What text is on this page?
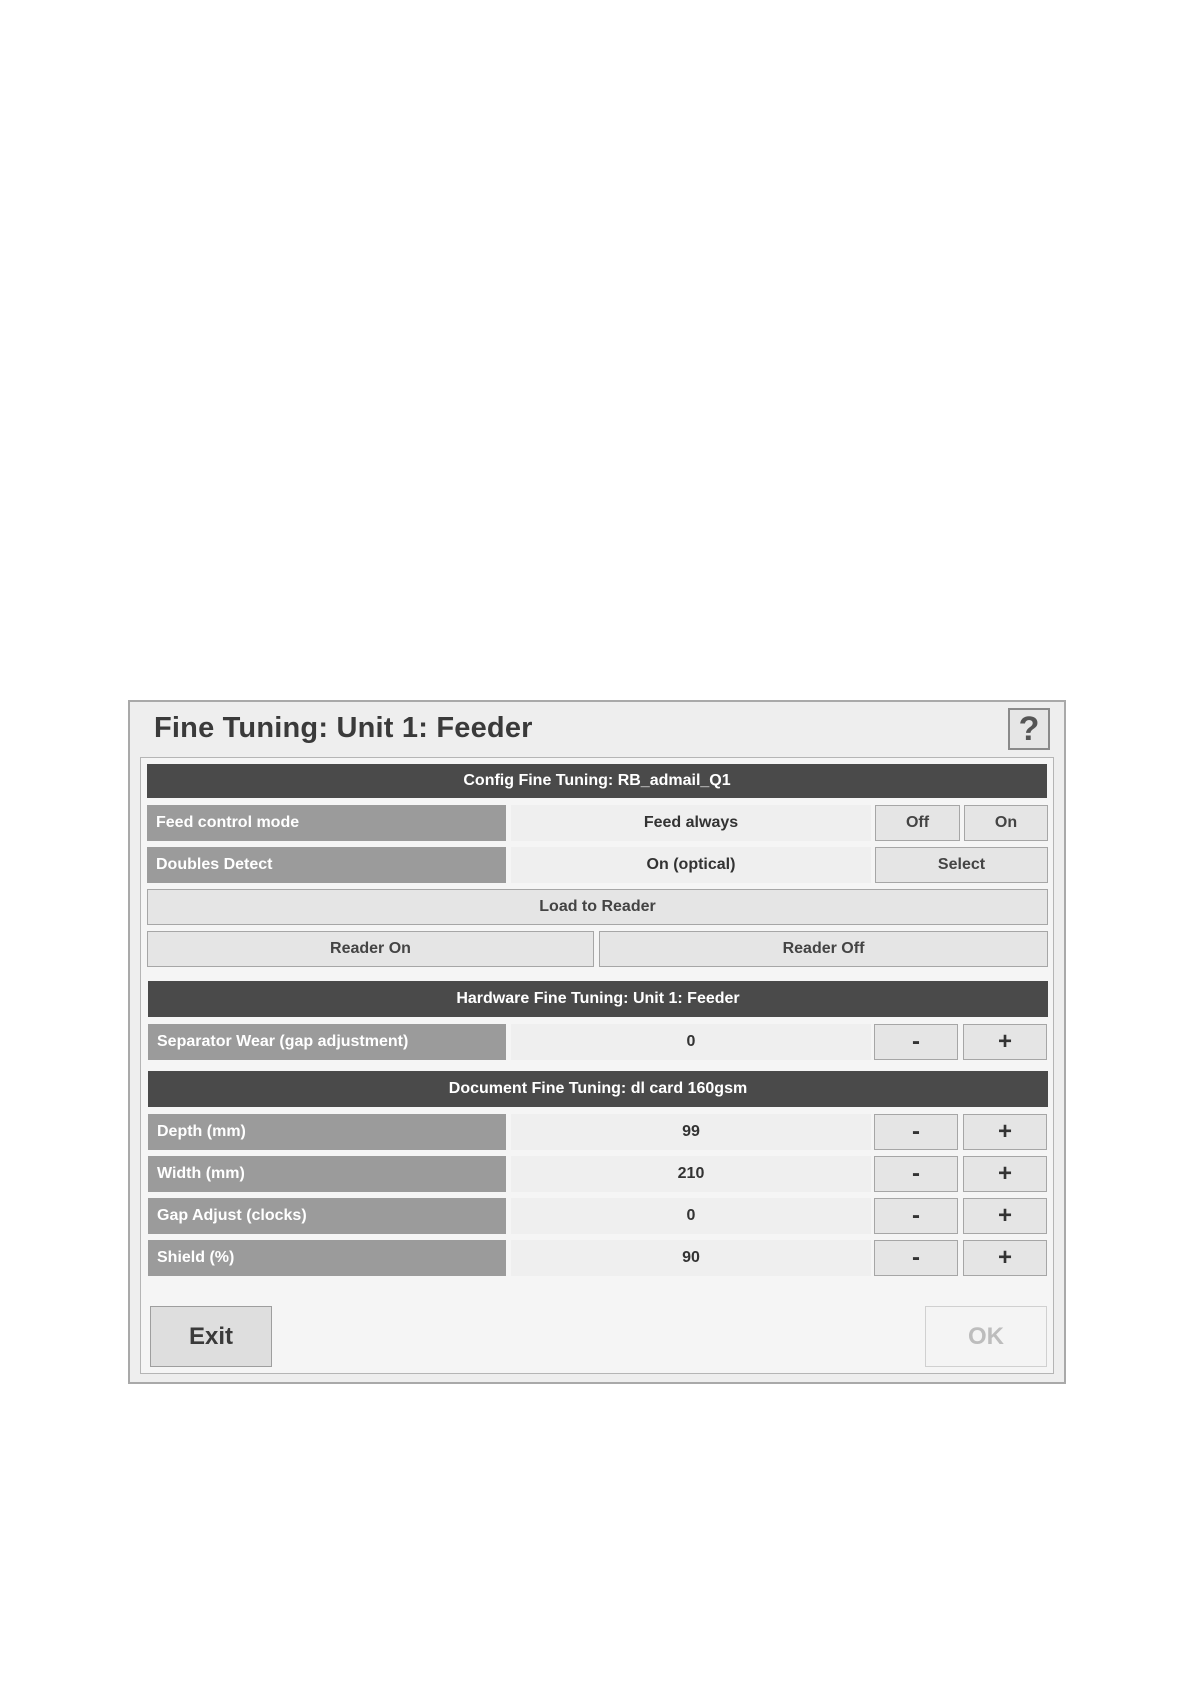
Fine Tuning: Unit 1: Feeder	?
Config Fine Tuning: RB_admail_Q1
Feed control mode	Feed always	Off	On
Doubles Detect	On (optical)	Select
Load to Reader
Reader On	Reader Off
Hardware Fine Tuning: Unit 1: Feeder
Separator Wear (gap adjustment)	0	-	+
Document Fine Tuning: dl card 160gsm
Depth (mm)	99	-	+
Width (mm)	210	-	+
Gap Adjust (clocks)	0	-	+
Shield (%)	90	-	+
Exit	OK
